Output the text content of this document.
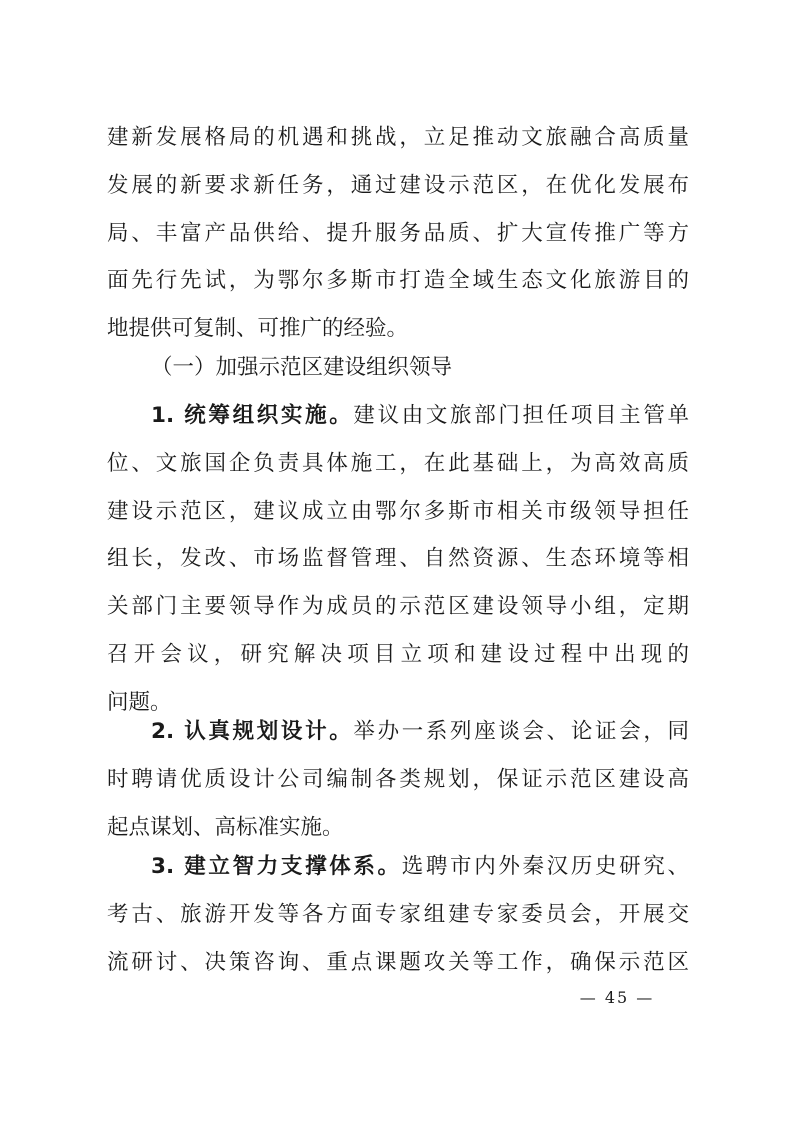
建新发展格局的机遇和挑战，立足推动文旅融合高质量
发展的新要求新任务，通过建设示范区，在优化发展布
局、丰富产品供给、提升服务品质、扩大宣传推广等方
面先行先试，为鄂尔多斯市打造全域生态文化旅游目的
地提供可复制、可推广的经验。
（一）加强示范区建设组织领导
1. 统筹组织实施。建议由文旅部门担任项目主管单
位、文旅国企负责具体施工，在此基础上，为高效高质
建设示范区，建议成立由鄂尔多斯市相关市级领导担任
组长，发改、市场监督管理、自然资源、生态环境等相
关部门主要领导作为成员的示范区建设领导小组，定期
召开会议，研究解决项目立项和建设过程中出现的
问题。
2. 认真规划设计。举办一系列座谈会、论证会，同
时聘请优质设计公司编制各类规划，保证示范区建设高
起点谋划、高标准实施。
3. 建立智力支撑体系。选聘市内外秦汉历史研究、
考古、旅游开发等各方面专家组建专家委员会，开展交
流研讨、决策咨询、重点课题攻关等工作，确保示范区
— 45 —
